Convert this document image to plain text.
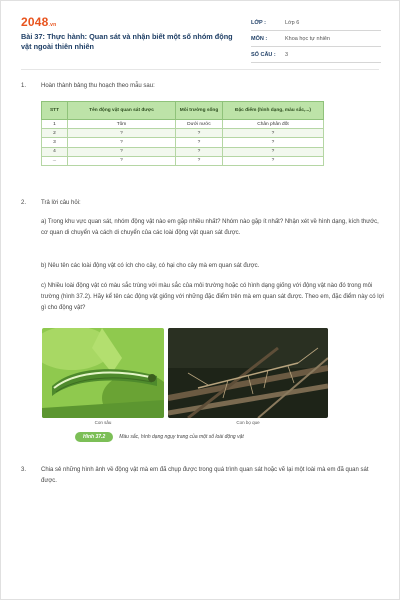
2048.vn
Bài 37: Thực hành: Quan sát và nhận biết một số nhóm động vật ngoài thiên nhiên
LỚP :	Lớp 6
MÔN :	Khoa học tự nhiên
SỐ CÂU :	3
1. Hoàn thành bảng thu hoạch theo mẫu sau:
STT	Tên động vật quan sát được	Môi trường sống	Đặc điểm (hình dạng, màu sắc,...)
1	Tôm	Dưới nước	Chân phân đốt
2	?	?	?
3	?	?	?
4	?	?	?
...	?	?	?
2. Trả lời câu hỏi:
a) Trong khu vực quan sát, nhóm động vật nào em gặp nhiều nhất? Nhóm nào gặp ít nhất? Nhận xét về hình dạng, kích thước, cơ quan di chuyển và cách di chuyển của các loài động vật quan sát được.
b) Nêu tên các loài động vật có ích cho cây, có hại cho cây mà em quan sát được.
c) Nhiều loài động vật có màu sắc trùng với màu sắc của môi trường hoặc có hình dạng giống với động vật nào đó trong môi trường (hình 37.2). Hãy kể tên các động vật giống với những đặc điểm trên mà em quan sát được. Theo em, đặc điểm này có lợi gì cho động vật?
Con sâu	Con bọ que
Hình 37.2	Màu sắc, hình dạng ngụy trang của một số loài động vật
3.	Chia sẻ những hình ảnh về động vật mà em đã chụp được trong quá trình quan sát hoặc vẽ lại một loài mà em đã quan sát được.
